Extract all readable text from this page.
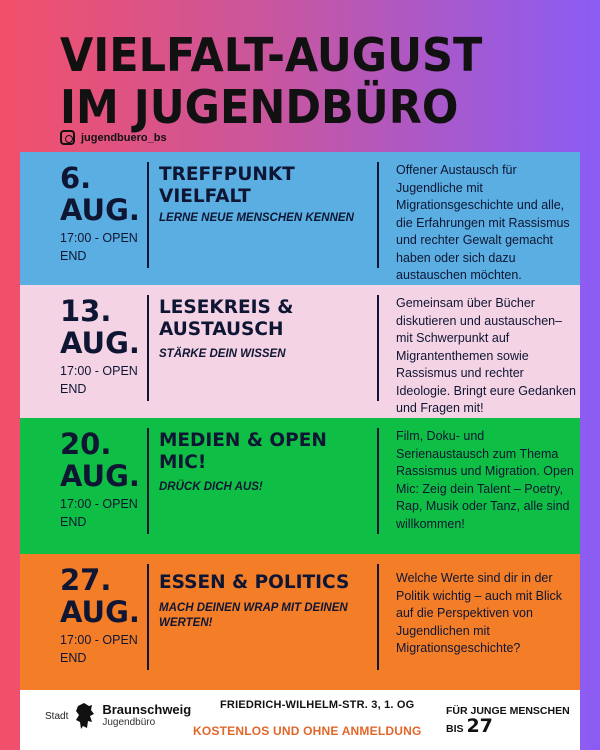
VIELFALT-AUGUST
IM JUGENDBÜRO
jugendbuero_bs
6.
AUG.
17:00 - OPEN END
TREFFPUNKT VIELFALT
LERNE NEUE MENSCHEN KENNEN
Offener Austausch für Jugendliche mit Migrationsgeschichte und alle, die Erfahrungen mit Rassismus und rechter Gewalt gemacht haben oder sich dazu austauschen möchten.
13.
AUG.
17:00 - OPEN END
LESEKREIS & AUSTAUSCH
STÄRKE DEIN WISSEN
Gemeinsam über Bücher diskutieren und austauschen– mit Schwerpunkt auf Migrantenthemen sowie Rassismus und rechter Ideologie. Bringt eure Gedanken und Fragen mit!
20.
AUG.
17:00 - OPEN END
MEDIEN & OPEN MIC!
DRÜCK DICH AUS!
Film, Doku- und Serienaustausch zum Thema Rassismus und Migration. Open Mic: Zeig dein Talent – Poetry, Rap, Musik oder Tanz, alle sind willkommen!
27.
AUG.
17:00 - OPEN END
ESSEN & POLITICS
MACH DEINEN WRAP MIT DEINEN WERTEN!
Welche Werte sind dir in der Politik wichtig – auch mit Blick auf die Perspektiven von Jugendlichen mit Migrationsgeschichte?
Stadt	Braunschweig
Jugendbüro
FRIEDRICH-WILHELM-STR. 3, 1. OG
KOSTENLOS UND OHNE ANMELDUNG
FÜR JUNGE MENSCHEN
BIS 27
